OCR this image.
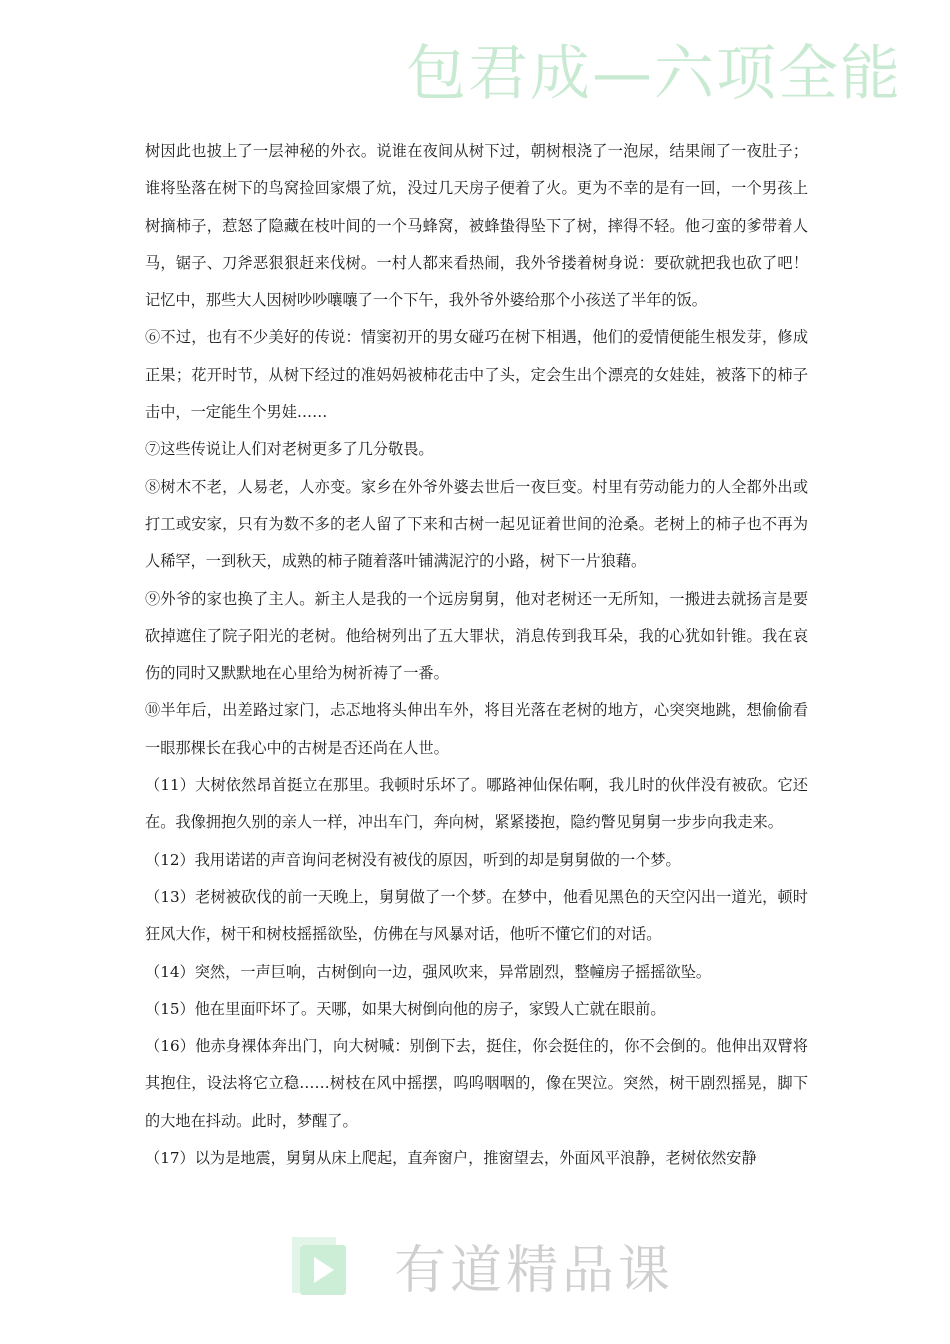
包君成—六项全能

树因此也披上了一层神秘的外衣。说谁在夜间从树下过，朝树根浇了一泡尿，结果闹了一夜肚子；谁将坠落在树下的鸟窝捡回家煨了炕，没过几天房子便着了火。更为不幸的是有一回，一个男孩上树摘柿子，惹怒了隐藏在枝叶间的一个马蜂窝，被蜂蛰得坠下了树，摔得不轻。他刁蛮的爹带着人马，锯子、刀斧恶狠狠赶来伐树。一村人都来看热闹，我外爷搂着树身说：要砍就把我也砍了吧！记忆中，那些大人因树吵吵嚷嚷了一个下午，我外爷外婆给那个小孩送了半年的饭。

⑥不过，也有不少美好的传说：情窦初开的男女碰巧在树下相遇，他们的爱情便能生根发芽，修成正果；花开时节，从树下经过的准妈妈被柿花击中了头，定会生出个漂亮的女娃娃，被落下的柿子击中，一定能生个男娃……

⑦这些传说让人们对老树更多了几分敬畏。

⑧树木不老，人易老，人亦变。家乡在外爷外婆去世后一夜巨变。村里有劳动能力的人全都外出或打工或安家，只有为数不多的老人留了下来和古树一起见证着世间的沧桑。老树上的柿子也不再为人稀罕，一到秋天，成熟的柿子随着落叶铺满泥泞的小路，树下一片狼藉。

⑨外爷的家也换了主人。新主人是我的一个远房舅舅，他对老树还一无所知，一搬进去就扬言是要砍掉遮住了院子阳光的老树。他给树列出了五大罪状，消息传到我耳朵，我的心犹如针锥。我在哀伤的同时又默默地在心里给为树祈祷了一番。

⑩半年后，出差路过家门，忐忑地将头伸出车外，将目光落在老树的地方，心突突地跳，想偷偷看一眼那棵长在我心中的古树是否还尚在人世。

（11）大树依然昂首挺立在那里。我顿时乐坏了。哪路神仙保佑啊，我儿时的伙伴没有被砍。它还在。我像拥抱久别的亲人一样，冲出车门，奔向树，紧紧搂抱，隐约瞥见舅舅一步步向我走来。

（12）我用诺诺的声音询问老树没有被伐的原因，听到的却是舅舅做的一个梦。

（13）老树被砍伐的前一天晚上，舅舅做了一个梦。在梦中，他看见黑色的天空闪出一道光，顿时狂风大作，树干和树枝摇摇欲坠，仿佛在与风暴对话，他听不懂它们的对话。

（14）突然，一声巨响，古树倒向一边，强风吹来，异常剧烈，整幢房子摇摇欲坠。

（15）他在里面吓坏了。天哪，如果大树倒向他的房子，家毁人亡就在眼前。

（16）他赤身裸体奔出门，向大树喊：别倒下去，挺住，你会挺住的，你不会倒的。他伸出双臂将其抱住，设法将它立稳……树枝在风中摇摆，呜呜咽咽的，像在哭泣。突然，树干剧烈摇晃，脚下的大地在抖动。此时，梦醒了。

（17）以为是地震，舅舅从床上爬起，直奔窗户，推窗望去，外面风平浪静，老树依然安静

有道精品课
